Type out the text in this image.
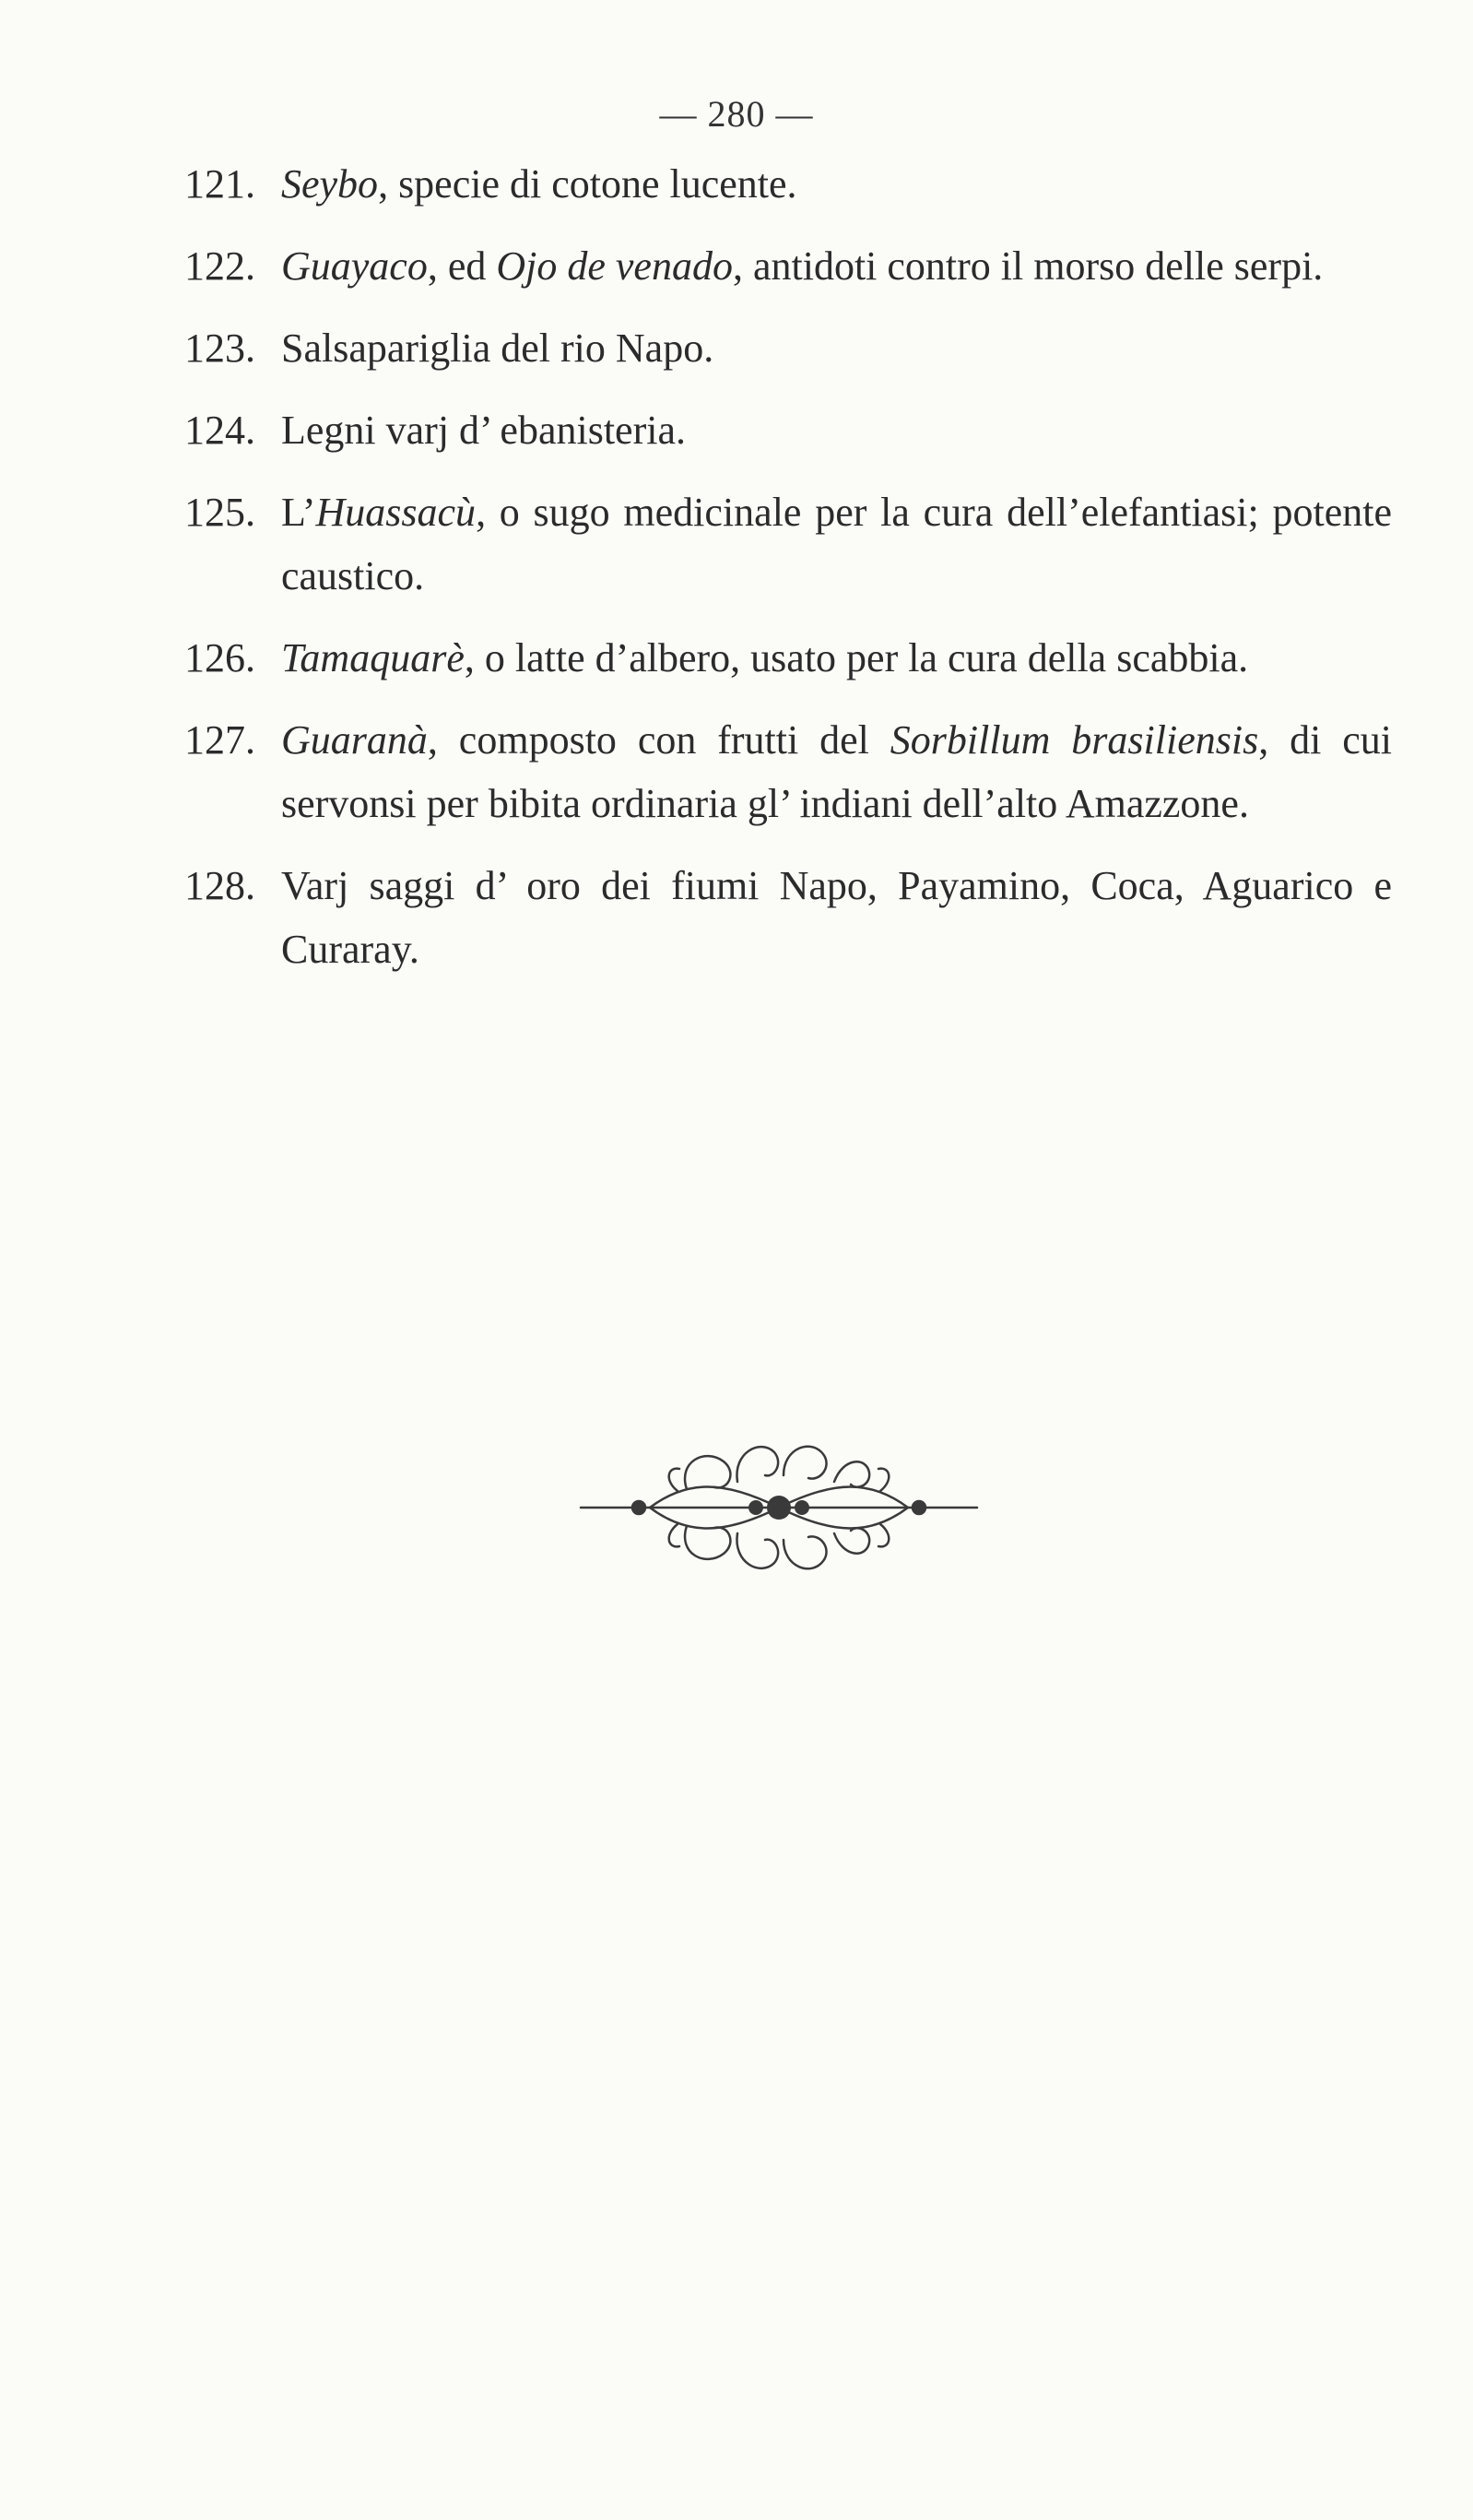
— 280 —
121. Seybo, specie di cotone lucente.
122. Guayaco, ed Ojo de venado, antidoti contro il morso delle serpi.
123. Salsapariglia del rio Napo.
124. Legni varj d’ ebanisteria.
125. L’Huassacù, o sugo medicinale per la cura dell’elefantiasi; potente caustico.
126. Tamaquarè, o latte d’albero, usato per la cura della scabbia.
127. Guaranà, composto con frutti del Sorbillum brasiliensis, di cui servonsi per bibita ordinaria gl’ indiani dell’alto Amazzone.
128. Varj saggi d’ oro dei fiumi Napo, Payamino, Coca, Aguarico e Curaray.
